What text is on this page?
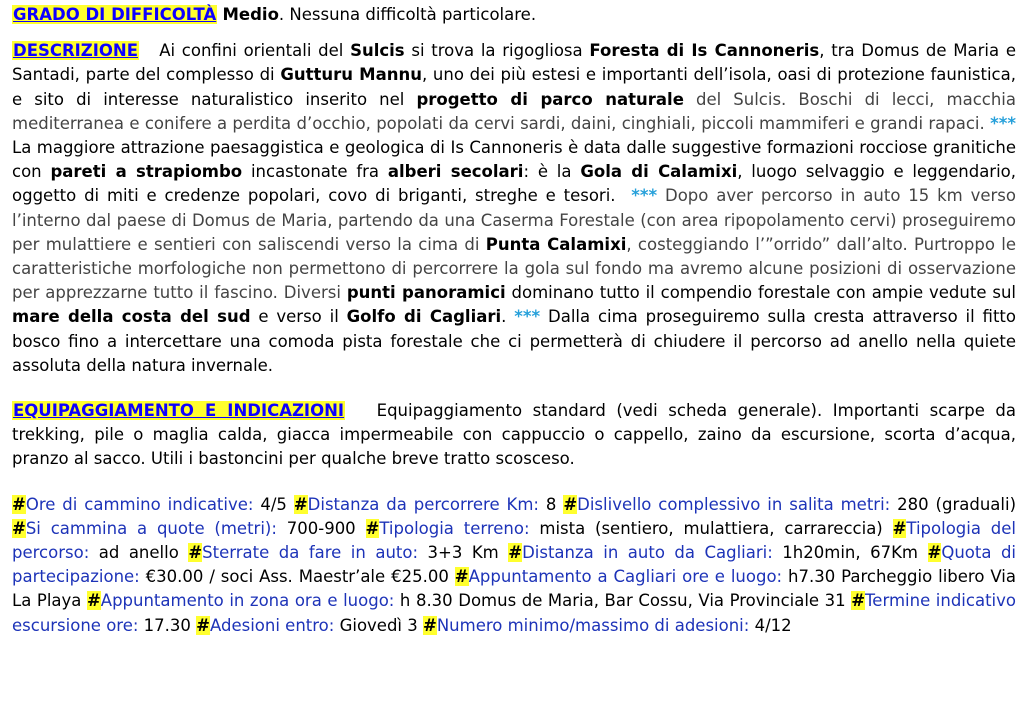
GRADO DI DIFFICOLTÀ Medio. Nessuna difficoltà particolare.

DESCRIZIONE Ai confini orientali del Sulcis si trova la rigogliosa Foresta di Is Cannoneris, tra Domus de Maria e Santadi, parte del complesso di Gutturu Mannu, uno dei più estesi e importanti dell’isola, oasi di protezione faunistica, e sito di interesse naturalistico inserito nel progetto di parco naturale del Sulcis. Boschi di lecci, macchia mediterranea e conifere a perdita d’occhio, popolati da cervi sardi, daini, cinghiali, piccoli mammiferi e grandi rapaci. *** La maggiore attrazione paesaggistica e geologica di Is Cannoneris è data dalle suggestive formazioni rocciose granitiche con pareti a strapiombo incastonate fra alberi secolari: è la Gola di Calamixi, luogo selvaggio e leggendario, oggetto di miti e credenze popolari, covo di briganti, streghe e tesori. *** Dopo aver percorso in auto 15 km verso l’interno dal paese di Domus de Maria, partendo da una Caserma Forestale (con area ripopolamento cervi) proseguiremo per mulattiere e sentieri con saliscendi verso la cima di Punta Calamixi, costeggiando l’”orrido” dall’alto. Purtroppo le caratteristiche morfologiche non permettono di percorrere la gola sul fondo ma avremo alcune posizioni di osservazione per apprezzarne tutto il fascino. Diversi punti panoramici dominano tutto il compendio forestale con ampie vedute sul mare della costa del sud e verso il Golfo di Cagliari. *** Dalla cima proseguiremo sulla cresta attraverso il fitto bosco fino a intercettare una comoda pista forestale che ci permetterà di chiudere il percorso ad anello nella quiete assoluta della natura invernale.

EQUIPAGGIAMENTO E INDICAZIONI Equipaggiamento standard (vedi scheda generale). Importanti scarpe da trekking, pile o maglia calda, giacca impermeabile con cappuccio o cappello, zaino da escursione, scorta d’acqua, pranzo al sacco. Utili i bastoncini per qualche breve tratto scosceso.

#Ore di cammino indicative: 4/5 #Distanza da percorrere Km: 8 #Dislivello complessivo in salita metri: 280 (graduali) #Si cammina a quote (metri): 700-900 #Tipologia terreno: mista (sentiero, mulattiera, carrareccia) #Tipologia del percorso: ad anello #Sterrate da fare in auto: 3+3 Km #Distanza in auto da Cagliari: 1h20min, 67Km #Quota di partecipazione: €30.00 / soci Ass. Maestr’ale €25.00 #Appuntamento a Cagliari ore e luogo: h7.30 Parcheggio libero Via La Playa #Appuntamento in zona ora e luogo: h 8.30 Domus de Maria, Bar Cossu, Via Provinciale 31 #Termine indicativo escursione ore: 17.30 #Adesioni entro: Giovedì 3 #Numero minimo/massimo di adesioni: 4/12
